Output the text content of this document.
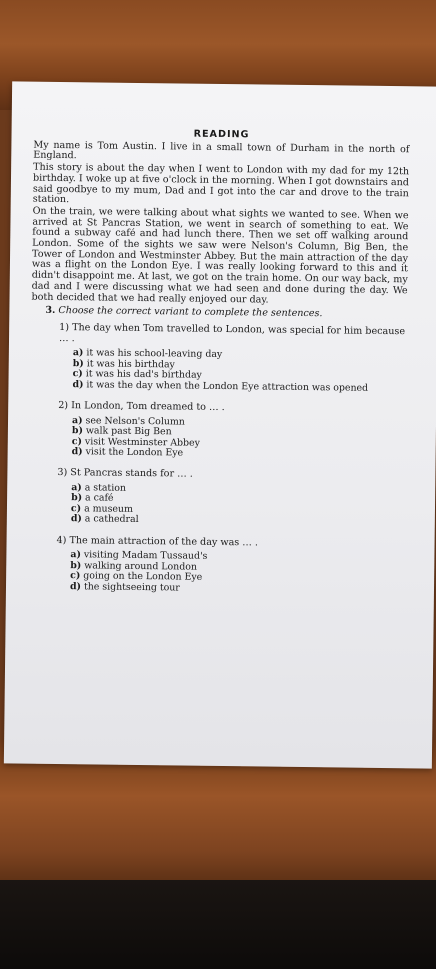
READING

My name is Tom Austin. I live in a small town of Durham in the north of England.

This story is about the day when I went to London with my dad for my 12th birthday. I woke up at five o'clock in the morning. When I got downstairs and said goodbye to my mum, Dad and I got into the car and drove to the train station.

On the train, we were talking about what sights we wanted to see. When we arrived at St Pancras Station, we went in search of something to eat. We found a subway café and had lunch there. Then we set off walking around London. Some of the sights we saw were Nelson's Column, Big Ben, the Tower of London and Westminster Abbey. But the main attraction of the day was a flight on the London Eye. I was really looking forward to this and it didn't disappoint me. At last, we got on the train home. On our way back, my dad and I were discussing what we had seen and done during the day. We both decided that we had really enjoyed our day.

3. Choose the correct variant to complete the sentences.
1) The day when Tom travelled to London, was special for him because … .
a) it was his school-leaving day
b) it was his birthday
c) it was his dad's birthday
d) it was the day when the London Eye attraction was opened
2) In London, Tom dreamed to … .
a) see Nelson's Column
b) walk past Big Ben
c) visit Westminster Abbey
d) visit the London Eye
3) St Pancras stands for … .
a) a station
b) a café
c) a museum
d) a cathedral
4) The main attraction of the day was … .
a) visiting Madam Tussaud's
b) walking around London
c) going on the London Eye
d) the sightseeing tour
